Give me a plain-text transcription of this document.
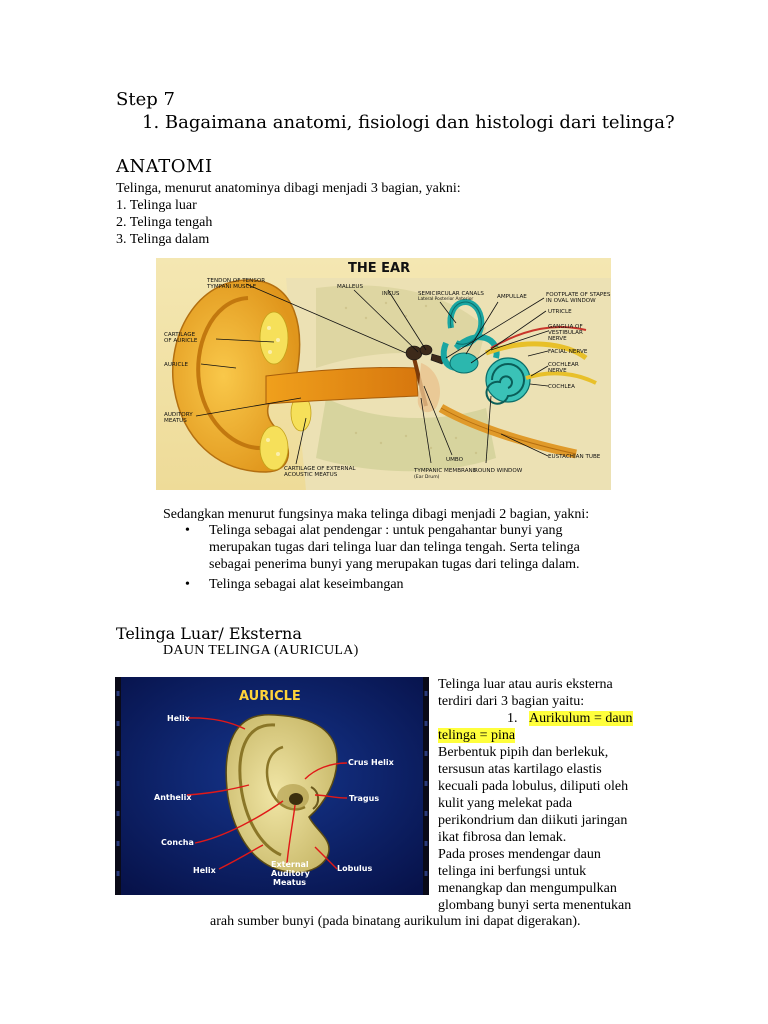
Step 7
1. Bagaimana anatomi, fisiologi dan histologi dari telinga?
ANATOMI
Telinga, menurut anatominya dibagi menjadi 3 bagian, yakni:
1. Telinga luar
2. Telinga tengah
3. Telinga dalam
THE EAR
TENDON OF TENSOR
TYMPANI MUSCLE
CARTILAGE
OF AURICLE
AURICLE
AUDITORY
MEATUS
CARTILAGE OF EXTERNAL
ACOUSTIC MEATUS
MALLEUS
INCUS	SEMICIRCULAR CANALS
Lateral Posterior Anterior	AMPULLAE	FOOTPLATE OF STAPES
IN OVAL WINDOW
UTRICLE
GANGLIA OF
VESTIBULAR
NERVE
FACIAL NERVE
COCHLEAR
NERVE
COCHLEA
EUSTACHIAN TUBE
TYMPANIC MEMBRANE
(Ear Drum)
UMBO
ROUND WINDOW
Sedangkan menurut fungsinya maka telinga dibagi menjadi 2 bagian, yakni:
• Telinga sebagai alat pendengar : untuk pengahantar bunyi yang
merupakan tugas dari telinga luar dan telinga tengah. Serta telinga
sebagai penerima bunyi yang merupakan tugas dari telinga dalam.
• Telinga sebagai alat keseimbangan
Telinga Luar/ Eksterna
DAUN TELINGA (AURICULA)
AURICLE
Helix
Crus Helix
Anthelix	Tragus
Concha
Helix
External
Auditory
Meatus
Lobulus
Telinga luar atau auris eksterna
terdiri dari 3 bagian yaitu:
1. Aurikulum = daun
telinga = pina
Berbentuk pipih dan berlekuk,
tersusun atas kartilago elastis
kecuali pada lobulus, diliputi oleh
kulit yang melekat pada
perikondrium dan diikuti jaringan
ikat fibrosa dan lemak.
Pada proses mendengar daun
telinga ini berfungsi untuk
menangkap dan mengumpulkan
glombang bunyi serta menentukan
arah sumber bunyi (pada binatang aurikulum ini dapat digerakan).
